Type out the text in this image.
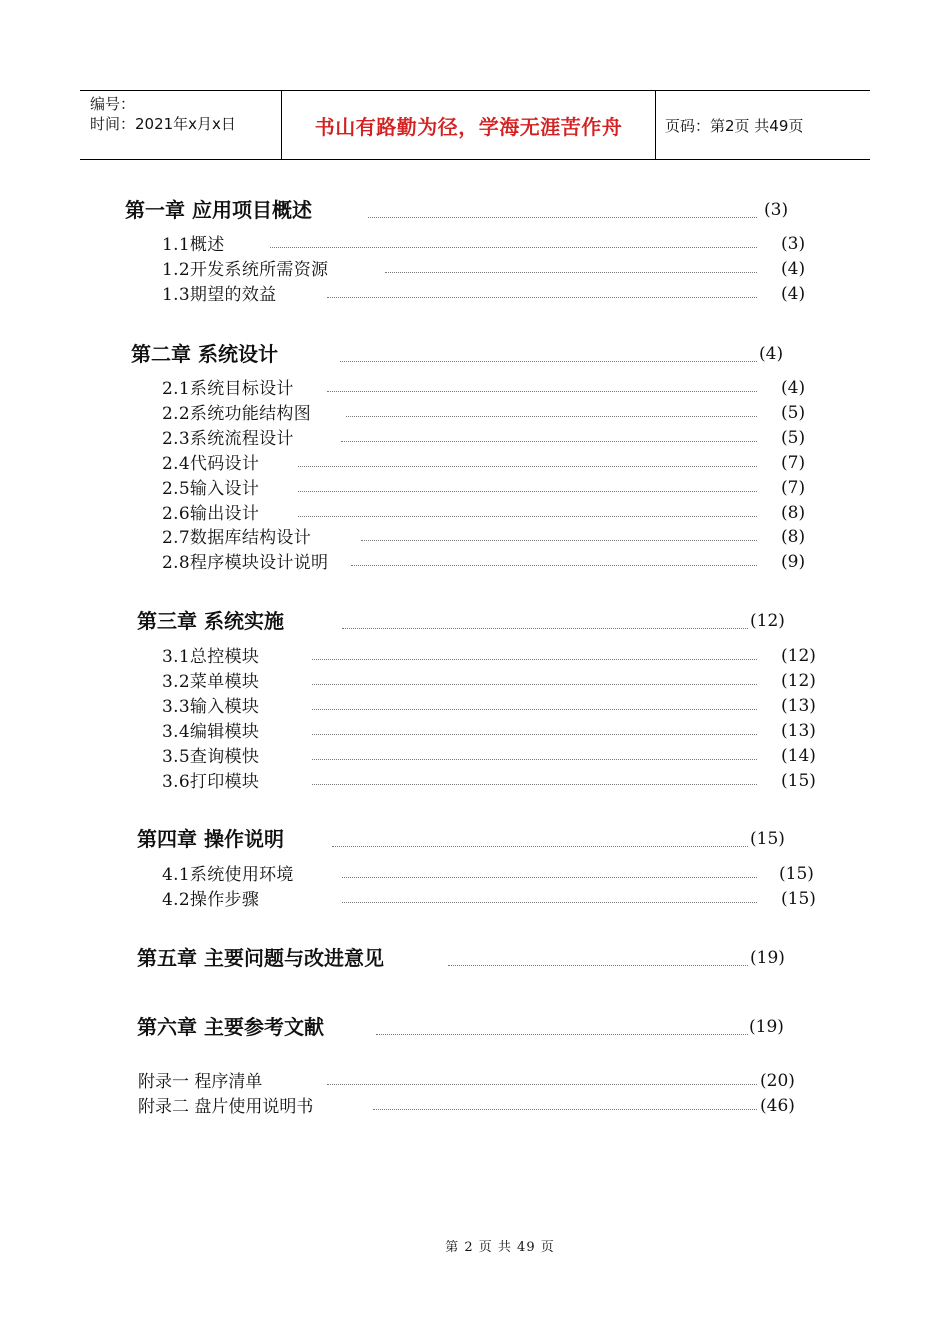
编号：
时间：2021年x月x日	书山有路勤为径，学海无涯苦作舟	页码：第2页 共49页
第一章 应用项目概述	(3)
1.1概述	(3)
1.2开发系统所需资源	(4)
1.3期望的效益	(4)
第二章 系统设计	(4)
2.1系统目标设计	(4)
2.2系统功能结构图	(5)
2.3系统流程设计	(5)
2.4代码设计	(7)
2.5输入设计	(7)
2.6输出设计	(8)
2.7数据库结构设计	(8)
2.8程序模块设计说明	(9)
第三章 系统实施	(12)
3.1总控模块	(12)
3.2菜单模块	(12)
3.3输入模块	(13)
3.4编辑模块	(13)
3.5查询模快	(14)
3.6打印模块	(15)
第四章 操作说明	(15)
4.1系统使用环境	(15)
4.2操作步骤	(15)
第五章 主要问题与改进意见	(19)
第六章 主要参考文献	(19)
附录一 程序清单	(20)
附录二 盘片使用说明书	(46)
第 2 页 共 49 页
